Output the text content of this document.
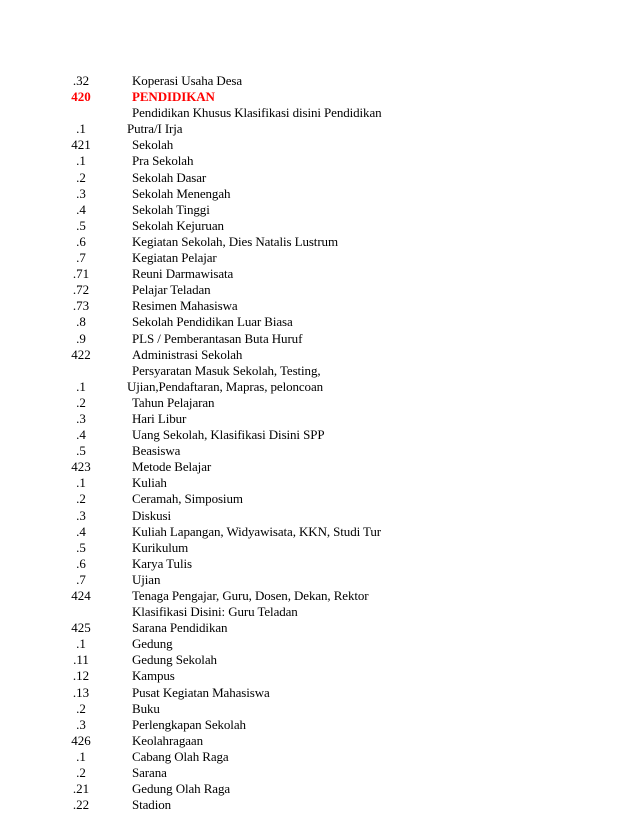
.32	Koperasi Usaha Desa
420	PENDIDIKAN
Pendidikan Khusus Klasifikasi disini Pendidikan
.1	Putra/I Irja
421	Sekolah
.1	Pra Sekolah
.2	Sekolah Dasar
.3	Sekolah Menengah
.4	Sekolah Tinggi
.5	Sekolah Kejuruan
.6	Kegiatan Sekolah, Dies Natalis Lustrum
.7	Kegiatan Pelajar
.71	Reuni Darmawisata
.72	Pelajar Teladan
.73	Resimen Mahasiswa
.8	Sekolah Pendidikan Luar Biasa
.9	PLS / Pemberantasan Buta Huruf
422	Administrasi Sekolah
Persyaratan Masuk Sekolah, Testing,
.1	Ujian,Pendaftaran, Mapras, peloncoan
.2	Tahun Pelajaran
.3	Hari Libur
.4	Uang Sekolah, Klasifikasi Disini SPP
.5	Beasiswa
423	Metode Belajar
.1	Kuliah
.2	Ceramah, Simposium
.3	Diskusi
.4	Kuliah Lapangan, Widyawisata, KKN, Studi Tur
.5	Kurikulum
.6	Karya Tulis
.7	Ujian
424	Tenaga Pengajar, Guru, Dosen, Dekan, Rektor
Klasifikasi Disini: Guru Teladan
425	Sarana Pendidikan
.1	Gedung
.11	Gedung Sekolah
.12	Kampus
.13	Pusat Kegiatan Mahasiswa
.2	Buku
.3	Perlengkapan Sekolah
426	Keolahragaan
.1	Cabang Olah Raga
.2	Sarana
.21	Gedung Olah Raga
.22	Stadion
